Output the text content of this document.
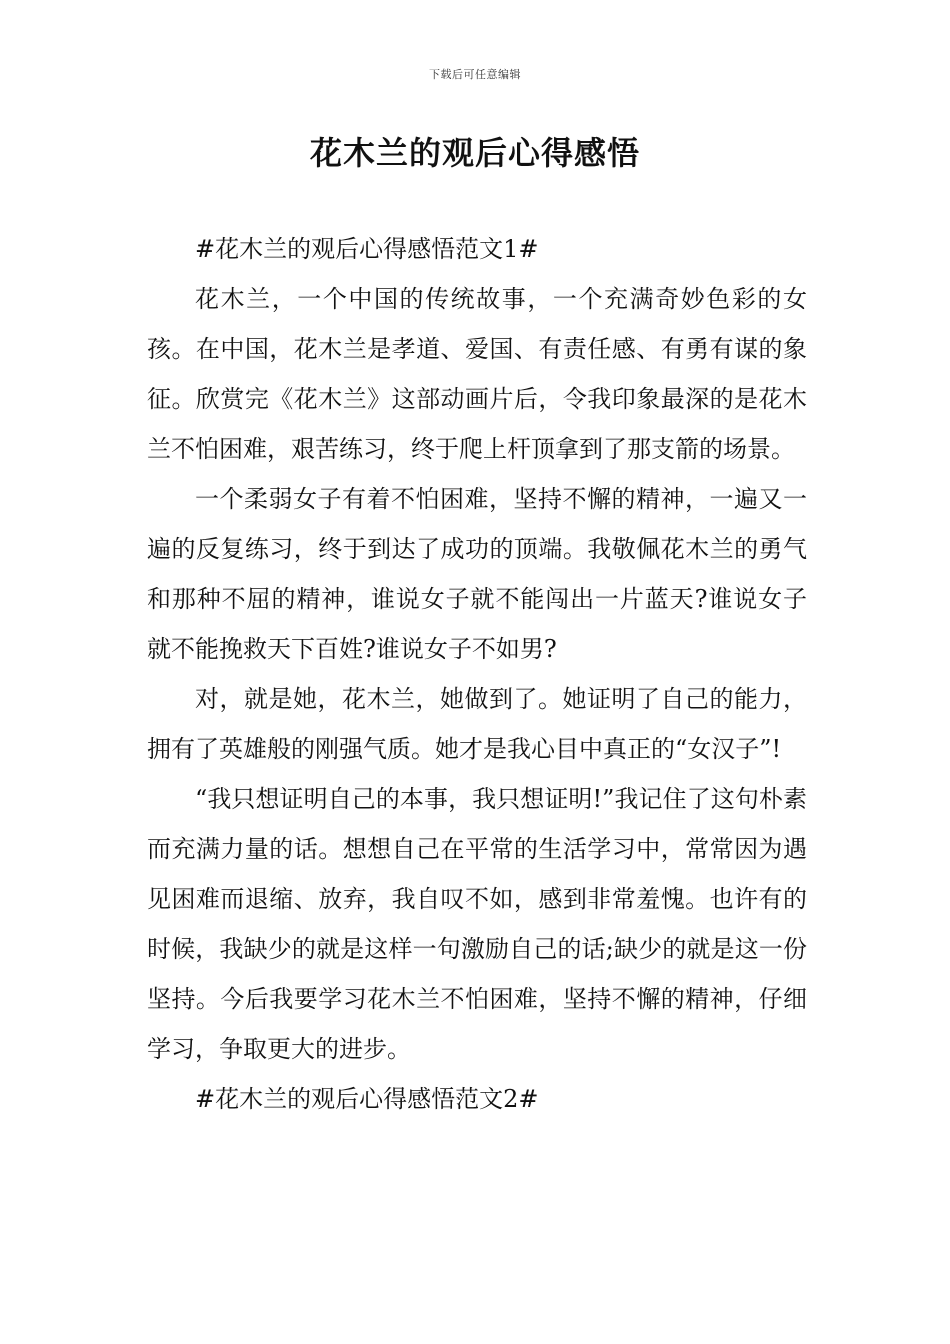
下载后可任意编辑
花木兰的观后心得感悟

#花木兰的观后心得感悟范文1#

花木兰，一个中国的传统故事，一个充满奇妙色彩的女孩。在中国，花木兰是孝道、爱国、有责任感、有勇有谋的象征。欣赏完《花木兰》这部动画片后，令我印象最深的是花木兰不怕困难，艰苦练习，终于爬上杆顶拿到了那支箭的场景。

一个柔弱女子有着不怕困难，坚持不懈的精神，一遍又一遍的反复练习，终于到达了成功的顶端。我敬佩花木兰的勇气和那种不屈的精神，谁说女子就不能闯出一片蓝天?谁说女子就不能挽救天下百姓?谁说女子不如男?

对，就是她，花木兰，她做到了。她证明了自己的能力，拥有了英雄般的刚强气质。她才是我心目中真正的“女汉子”!

“我只想证明自己的本事，我只想证明!”我记住了这句朴素而充满力量的话。想想自己在平常的生活学习中，常常因为遇见困难而退缩、放弃，我自叹不如，感到非常羞愧。也许有的时候，我缺少的就是这样一句激励自己的话;缺少的就是这一份坚持。今后我要学习花木兰不怕困难，坚持不懈的精神，仔细学习，争取更大的进步。

#花木兰的观后心得感悟范文2#
